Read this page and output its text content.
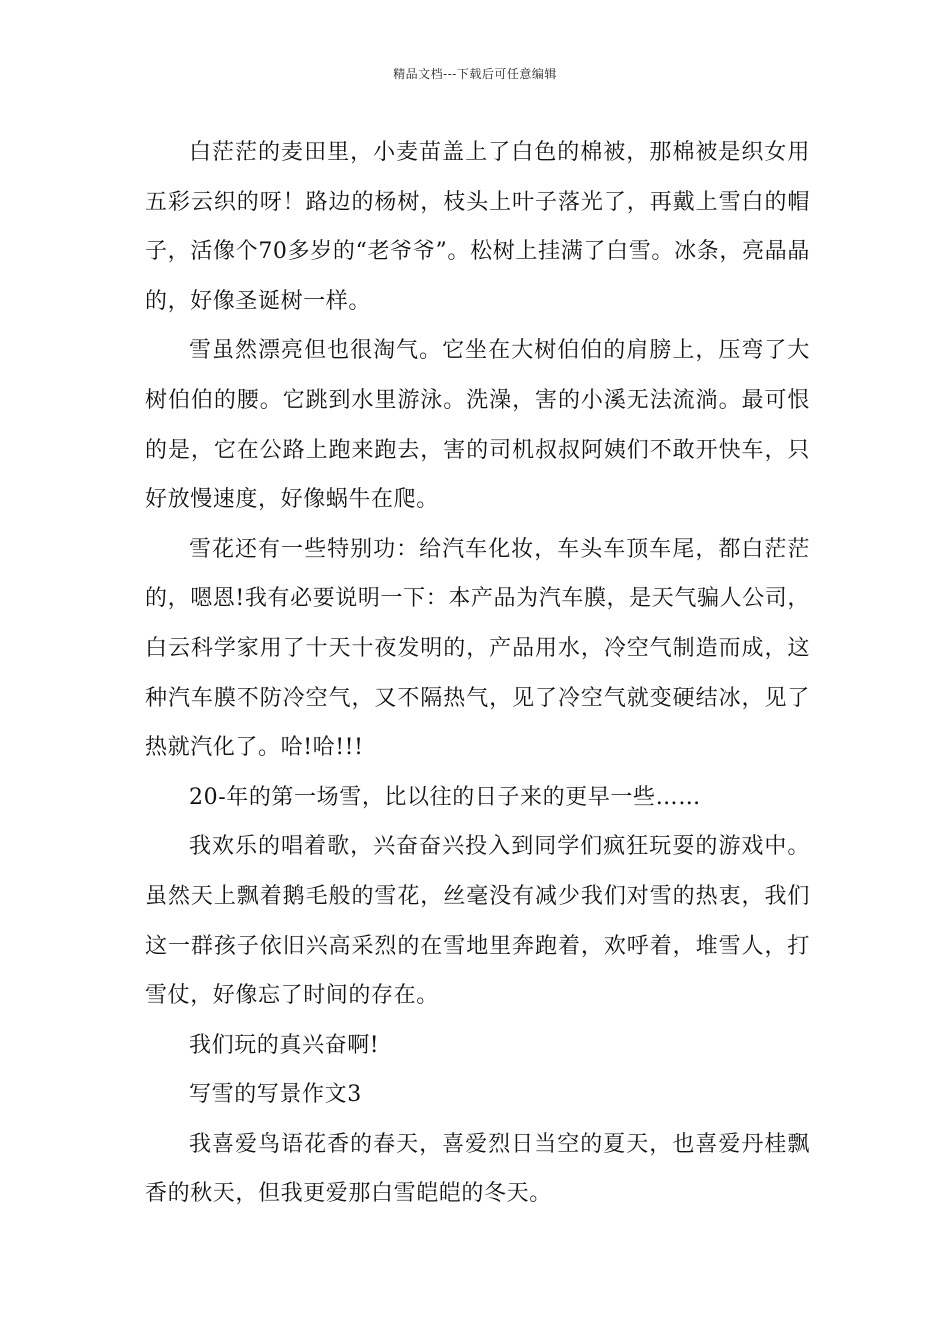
精品文档---下载后可任意编辑

白茫茫的麦田里，小麦苗盖上了白色的棉被，那棉被是织女用五彩云织的呀！路边的杨树，枝头上叶子落光了，再戴上雪白的帽子，活像个70多岁的“老爷爷”。松树上挂满了白雪。冰条，亮晶晶的，好像圣诞树一样。

雪虽然漂亮但也很淘气。它坐在大树伯伯的肩膀上，压弯了大树伯伯的腰。它跳到水里游泳。洗澡，害的小溪无法流淌。最可恨的是，它在公路上跑来跑去，害的司机叔叔阿姨们不敢开快车，只好放慢速度，好像蜗牛在爬。

雪花还有一些特别功：给汽车化妆，车头车顶车尾，都白茫茫的，嗯恩!我有必要说明一下：本产品为汽车膜，是天气骗人公司，白云科学家用了十天十夜发明的，产品用水，冷空气制造而成，这种汽车膜不防冷空气，又不隔热气，见了冷空气就变硬结冰，见了热就汽化了。哈!哈!!!

20-年的第一场雪，比以往的日子来的更早一些……

我欢乐的唱着歌，兴奋奋兴投入到同学们疯狂玩耍的游戏中。虽然天上飘着鹅毛般的雪花，丝毫没有减少我们对雪的热衷，我们这一群孩子依旧兴高采烈的在雪地里奔跑着，欢呼着，堆雪人，打雪仗，好像忘了时间的存在。

我们玩的真兴奋啊!

写雪的写景作文3

我喜爱鸟语花香的春天，喜爱烈日当空的夏天，也喜爱丹桂飘香的秋天，但我更爱那白雪皑皑的冬天。
